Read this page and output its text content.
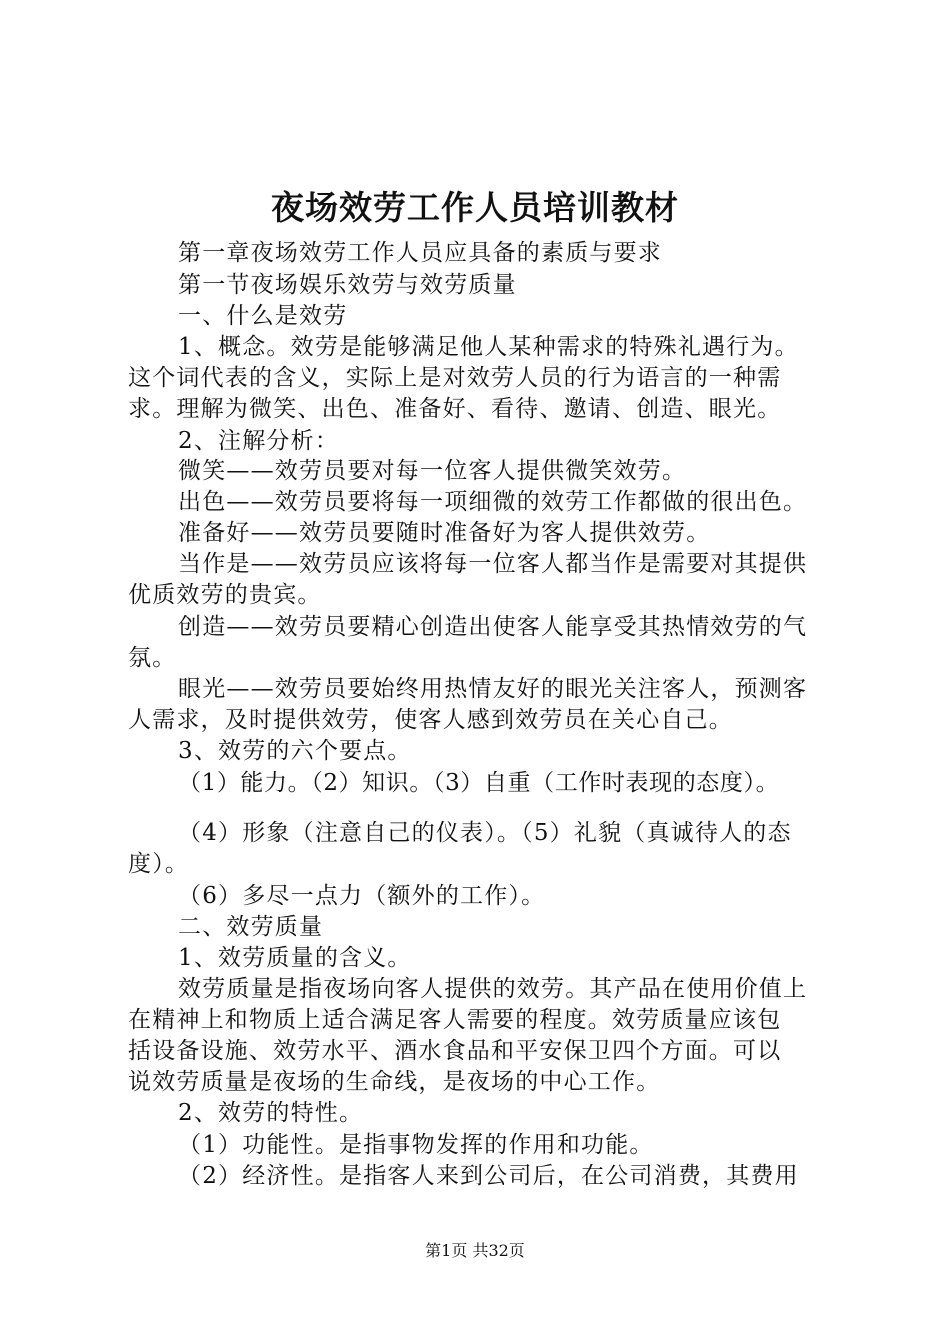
夜场效劳工作人员培训教材
第一章夜场效劳工作人员应具备的素质与要求
第一节夜场娱乐效劳与效劳质量
一、什么是效劳
1、概念。效劳是能够满足他人某种需求的特殊礼遇行为。
这个词代表的含义，实际上是对效劳人员的行为语言的一种需
求。理解为微笑、出色、准备好、看待、邀请、创造、眼光。
2、注解分析：
微笑——效劳员要对每一位客人提供微笑效劳。
出色——效劳员要将每一项细微的效劳工作都做的很出色。
准备好——效劳员要随时准备好为客人提供效劳。
当作是——效劳员应该将每一位客人都当作是需要对其提供
优质效劳的贵宾。
创造——效劳员要精心创造出使客人能享受其热情效劳的气
氛。
眼光——效劳员要始终用热情友好的眼光关注客人，预测客
人需求，及时提供效劳，使客人感到效劳员在关心自己。
3、效劳的六个要点。
（1）能力。（2）知识。（3）自重（工作时表现的态度）。
（4）形象（注意自己的仪表）。（5）礼貌（真诚待人的态
度）。
（6）多尽一点力（额外的工作）。
二、效劳质量
1、效劳质量的含义。
效劳质量是指夜场向客人提供的效劳。其产品在使用价值上
在精神上和物质上适合满足客人需要的程度。效劳质量应该包
括设备设施、效劳水平、酒水食品和平安保卫四个方面。可以
说效劳质量是夜场的生命线，是夜场的中心工作。
2、效劳的特性。
（1）功能性。是指事物发挥的作用和功能。
（2）经济性。是指客人来到公司后，在公司消费，其费用
第1页 共32页
